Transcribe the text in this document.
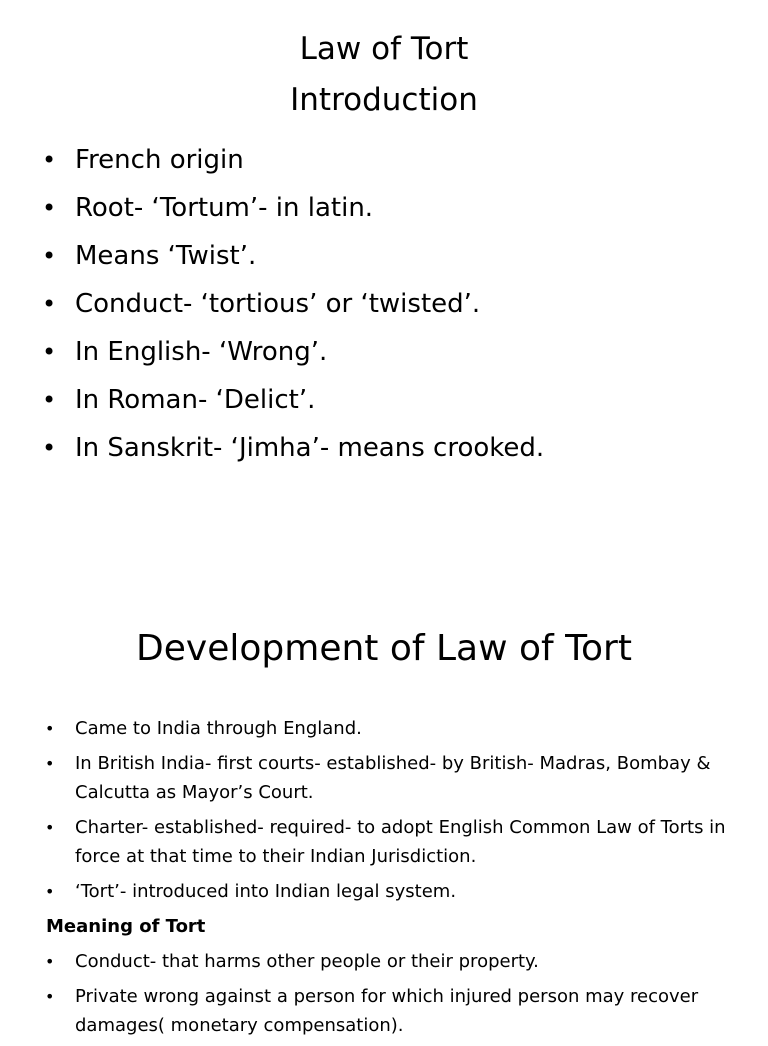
Law of Tort
Introduction
• French origin
• Root- ‘Tortum’- in latin.
• Means ‘Twist’.
• Conduct- ‘tortious’ or ‘twisted’.
• In English- ‘Wrong’.
• In Roman- ‘Delict’.
• In Sanskrit- ‘Jimha’- means crooked.
Development of Law of Tort
• Came to India through England.
• In British India- first courts- established- by British- Madras, Bombay & Calcutta as Mayor’s Court.
• Charter- established- required- to adopt English Common Law of Torts in force at that time to their Indian Jurisdiction.
• ‘Tort’- introduced into Indian legal system.
Meaning of Tort
• Conduct- that harms other people or their property.
• Private wrong against a person for which injured person may recover damages( monetary compensation).
